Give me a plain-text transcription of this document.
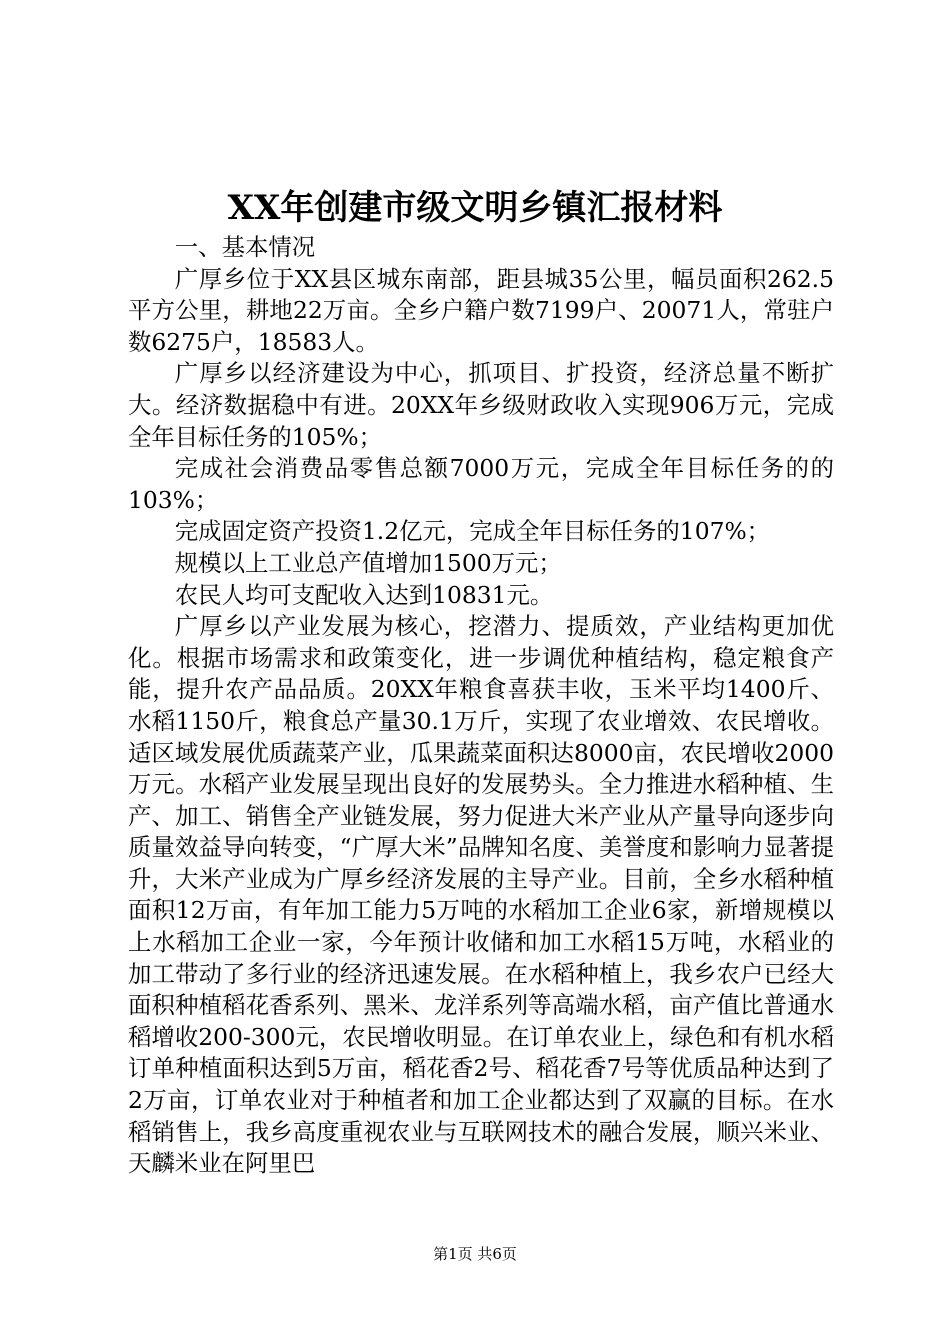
XX年创建市级文明乡镇汇报材料

一、基本情况

广厚乡位于XX县区城东南部，距县城35公里，幅员面积262.5平方公里，耕地22万亩。全乡户籍户数7199户、20071人，常驻户数6275户，18583人。

广厚乡以经济建设为中心，抓项目、扩投资，经济总量不断扩大。经济数据稳中有进。20XX年乡级财政收入实现906万元，完成全年目标任务的105%；

完成社会消费品零售总额7000万元，完成全年目标任务的的103%；

完成固定资产投资1.2亿元，完成全年目标任务的107%；

规模以上工业总产值增加1500万元；

农民人均可支配收入达到10831元。

广厚乡以产业发展为核心，挖潜力、提质效，产业结构更加优化。根据市场需求和政策变化，进一步调优种植结构，稳定粮食产能，提升农产品品质。20XX年粮食喜获丰收，玉米平均1400斤、水稻1150斤，粮食总产量30.1万斤，实现了农业增效、农民增收。适区域发展优质蔬菜产业，瓜果蔬菜面积达8000亩，农民增收2000万元。水稻产业发展呈现出良好的发展势头。全力推进水稻种植、生产、加工、销售全产业链发展，努力促进大米产业从产量导向逐步向质量效益导向转变，“广厚大米”品牌知名度、美誉度和影响力显著提升，大米产业成为广厚乡经济发展的主导产业。目前，全乡水稻种植面积12万亩，有年加工能力5万吨的水稻加工企业6家，新增规模以上水稻加工企业一家，今年预计收储和加工水稻15万吨，水稻业的加工带动了多行业的经济迅速发展。在水稻种植上，我乡农户已经大面积种植稻花香系列、黑米、龙洋系列等高端水稻，亩产值比普通水稻增收200-300元，农民增收明显。在订单农业上，绿色和有机水稻订单种植面积达到5万亩，稻花香2号、稻花香7号等优质品种达到了2万亩，订单农业对于种植者和加工企业都达到了双赢的目标。在水稻销售上，我乡高度重视农业与互联网技术的融合发展，顺兴米业、天麟米业在阿里巴

第1页 共6页
